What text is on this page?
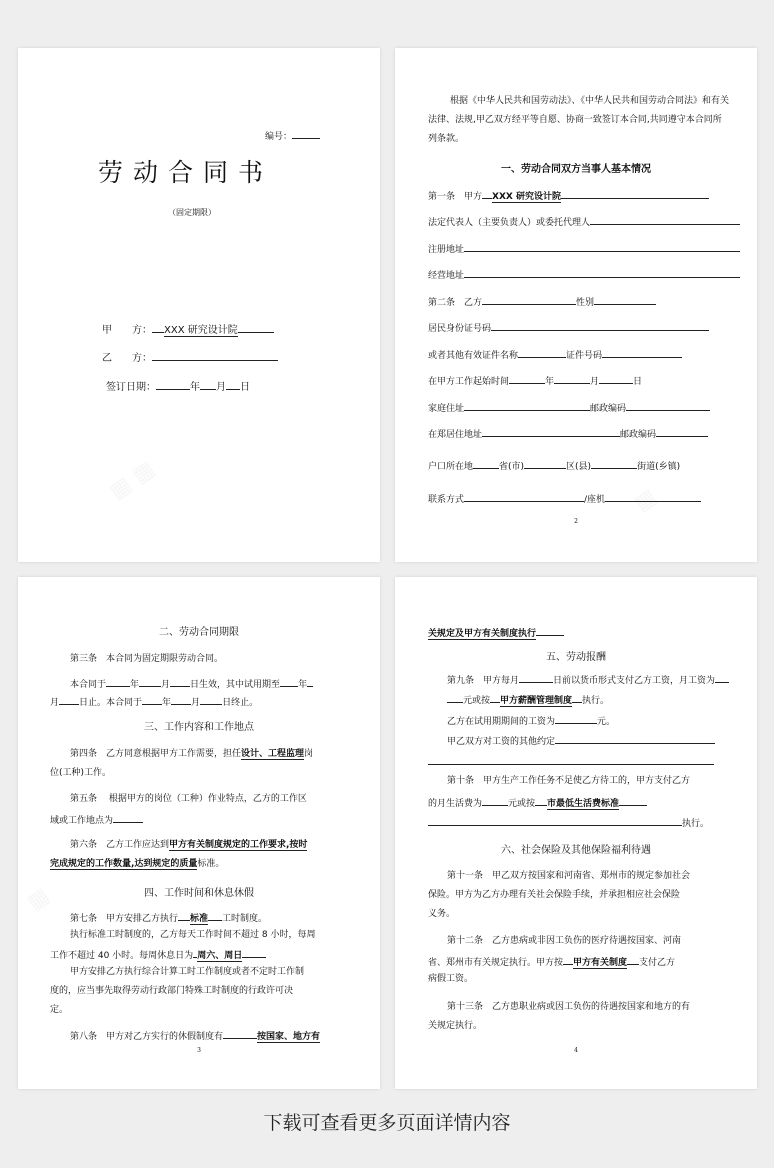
编号：
劳动合同书
（固定期限）
甲　　方： XXX 研究设计院
乙　　方：
签订日期：	年 月 日
根据《中华人民共和国劳动法》、《中华人民共和国劳动合同法》和有关
法律、法规,甲乙双方经平等自愿、协商一致签订本合同,共同遵守本合同所
列条款。
一、劳动合同双方当事人基本情况
第一条　甲方 XXX 研究设计院
法定代表人（主要负责人）或委托代理人
注册地址
经营地址
第二条　乙方	性别
居民身份证号码
或者其他有效证件名称	证件号码
在甲方工作起始时间	年	月	日
家庭住址	邮政编码
在郑居住地址	邮政编码
户口所在地	省(市)	区(县)	街道(乡镇)
联系方式	/座机
2
二、劳动合同期限
第三条　本合同为固定期限劳动合同。
本合同于	年 月 日生效，其中试用期至 年
月 日止。本合同于 年 月 日终止。
三、工作内容和工作地点
第四条　乙方同意根据甲方工作需要，担任设计、工程监理岗
位(工种)工作。
第五条　 根据甲方的岗位（工种）作业特点，乙方的工作区
域或工作地点为
第六条　乙方工作应达到甲方有关制度规定的工作要求,按时
完成规定的工作数量,达到规定的质量标准。
四、工作时间和休息休假
第七条　甲方安排乙方执行 标准 工时制度。
执行标准工时制度的，乙方每天工作时间不超过 8 小时，每周
工作不超过 40 小时。每周休息日为 周六、周日
甲方安排乙方执行综合计算工时工作制度或者不定时工作制
度的，应当事先取得劳动行政部门特殊工时制度的行政许可决
定。
第八条　甲方对乙方实行的休假制度有	按国家、地方有
3
关规定及甲方有关制度执行
五、劳动报酬
第九条　甲方每月	日前以货币形式支付乙方工资，月工资为
元或按 甲方薪酬管理制度 执行。
乙方在试用期期间的工资为	元。
甲乙双方对工资的其他约定
第十条　甲方生产工作任务不足使乙方待工的，甲方支付乙方
的月生活费为	元或按 市最低生活费标准
执行。
六、社会保险及其他保险福利待遇
第十一条　甲乙双方按国家和河南省、郑州市的规定参加社会
保险。甲方为乙方办理有关社会保险手续，并承担相应社会保险
义务。
第十二条　乙方患病或非因工负伤的医疗待遇按国家、河南
省、郑州市有关规定执行。甲方按 甲方有关制度 支付乙方
病假工资。
第十三条　乙方患职业病或因工负伤的待遇按国家和地方的有
关规定执行。
4
下载可查看更多页面详情内容
